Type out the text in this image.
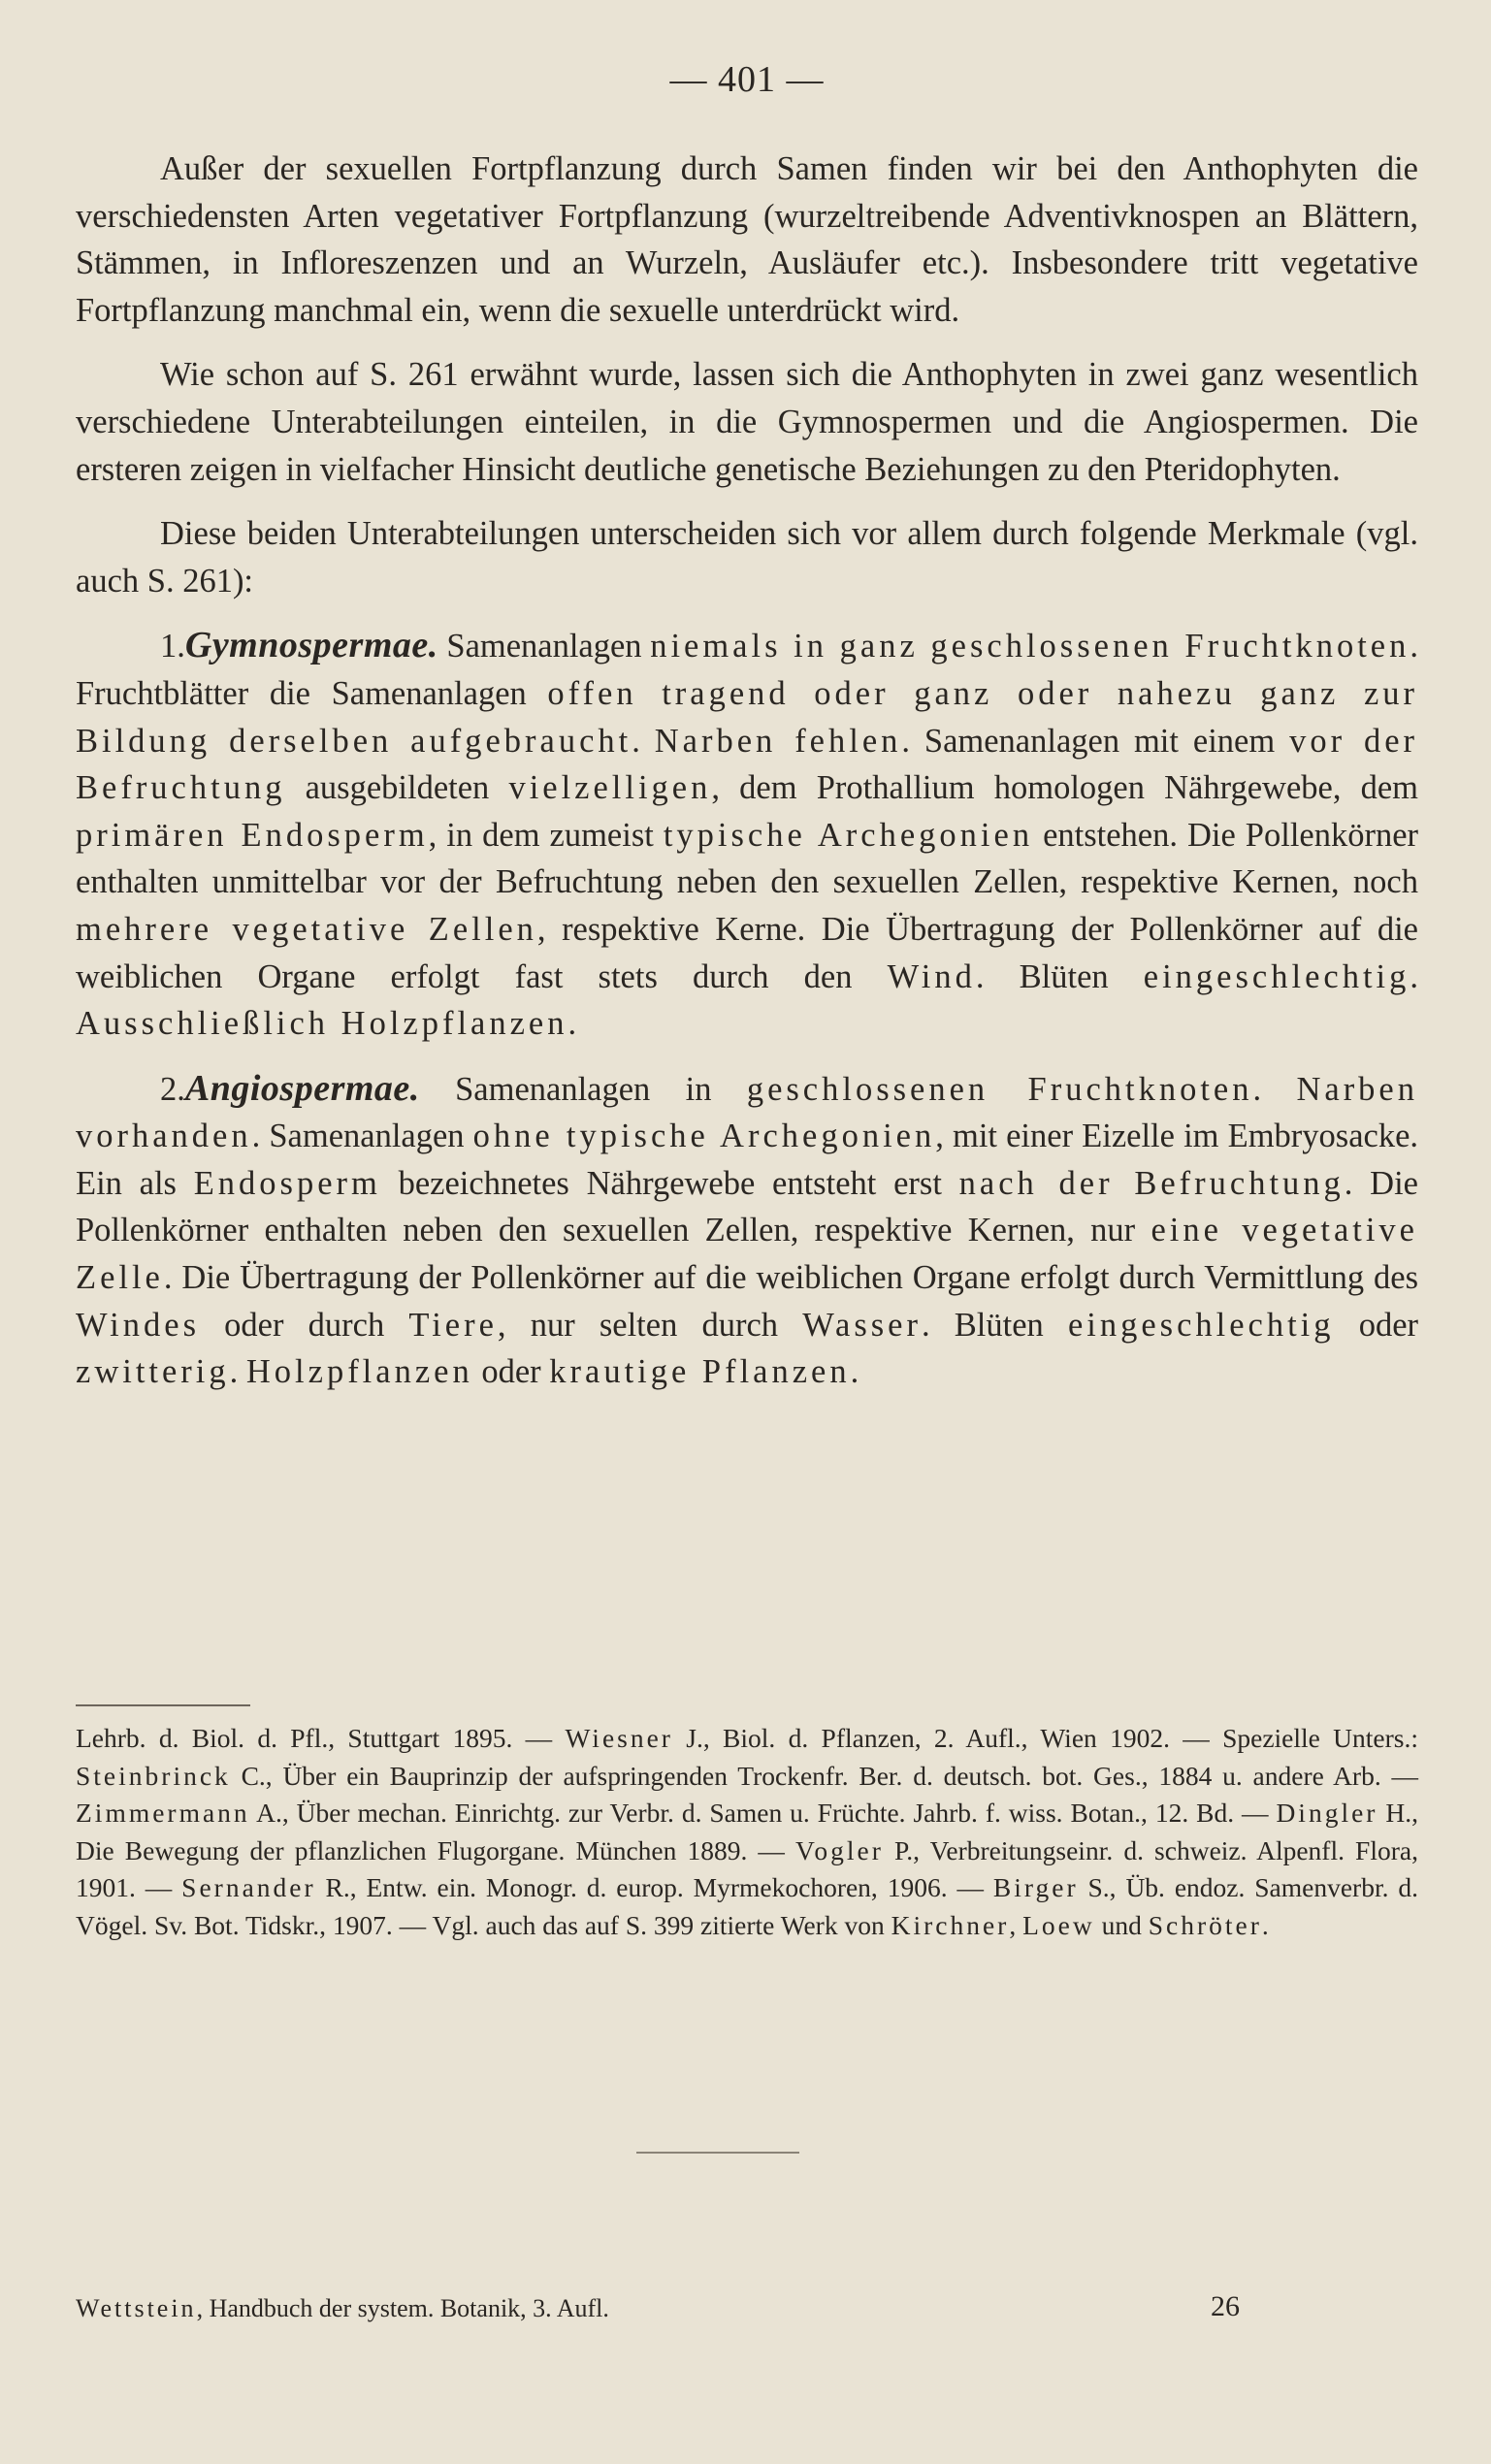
— 401 —

Außer der sexuellen Fortpflanzung durch Samen finden wir bei den Anthophyten die verschiedensten Arten vegetativer Fortpflanzung (wurzeltreibende Adventivknospen an Blättern, Stämmen, in Infloreszenzen und an Wurzeln, Ausläufer etc.). Insbesondere tritt vegetative Fortpflanzung manchmal ein, wenn die sexuelle unterdrückt wird.

Wie schon auf S. 261 erwähnt wurde, lassen sich die Anthophyten in zwei ganz wesentlich verschiedene Unterabteilungen einteilen, in die Gymnospermen und die Angiospermen. Die ersteren zeigen in vielfacher Hinsicht deutliche genetische Beziehungen zu den Pteridophyten.

Diese beiden Unterabteilungen unterscheiden sich vor allem durch folgende Merkmale (vgl. auch S. 261):

1.Gymnospermae. Samenanlagen niemals in ganz geschlossenen Fruchtknoten. Fruchtblätter die Samenanlagen offen tragend oder ganz oder nahezu ganz zur Bildung derselben aufgebraucht. Narben fehlen. Samenanlagen mit einem vor der Befruchtung ausgebildeten vielzelligen, dem Prothallium homologen Nährgewebe, dem primären Endosperm, in dem zumeist typische Archegonien entstehen. Die Pollenkörner enthalten unmittelbar vor der Befruchtung neben den sexuellen Zellen, respektive Kernen, noch mehrere vegetative Zellen, respektive Kerne. Die Übertragung der Pollenkörner auf die weiblichen Organe erfolgt fast stets durch den Wind. Blüten eingeschlechtig. Ausschließlich Holzpflanzen.

2.Angiospermae. Samenanlagen in geschlossenen Fruchtknoten. Narben vorhanden. Samenanlagen ohne typische Archegonien, mit einer Eizelle im Embryosacke. Ein als Endosperm bezeichnetes Nährgewebe entsteht erst nach der Befruchtung. Die Pollenkörner enthalten neben den sexuellen Zellen, respektive Kernen, nur eine vegetative Zelle. Die Übertragung der Pollenkörner auf die weiblichen Organe erfolgt durch Vermittlung des Windes oder durch Tiere, nur selten durch Wasser. Blüten eingeschlechtig oder zwitterig. Holzpflanzen oder krautige Pflanzen.

Lehrb. d. Biol. d. Pfl., Stuttgart 1895. — Wiesner J., Biol. d. Pflanzen, 2. Aufl., Wien 1902. — Spezielle Unters.: Steinbrinck C., Über ein Bauprinzip der aufspringenden Trockenfr. Ber. d. deutsch. bot. Ges., 1884 u. andere Arb. — Zimmermann A., Über mechan. Einrichtg. zur Verbr. d. Samen u. Früchte. Jahrb. f. wiss. Botan., 12. Bd. — Dingler H., Die Bewegung der pflanzlichen Flugorgane. München 1889. — Vogler P., Verbreitungseinr. d. schweiz. Alpenfl. Flora, 1901. — Sernander R., Entw. ein. Monogr. d. europ. Myrmekochoren, 1906. — Birger S., Üb. endoz. Samenverbr. d. Vögel. Sv. Bot. Tidskr., 1907. — Vgl. auch das auf S. 399 zitierte Werk von Kirchner, Loew und Schröter.
Wettstein, Handbuch der system. Botanik, 3. Aufl.	26
